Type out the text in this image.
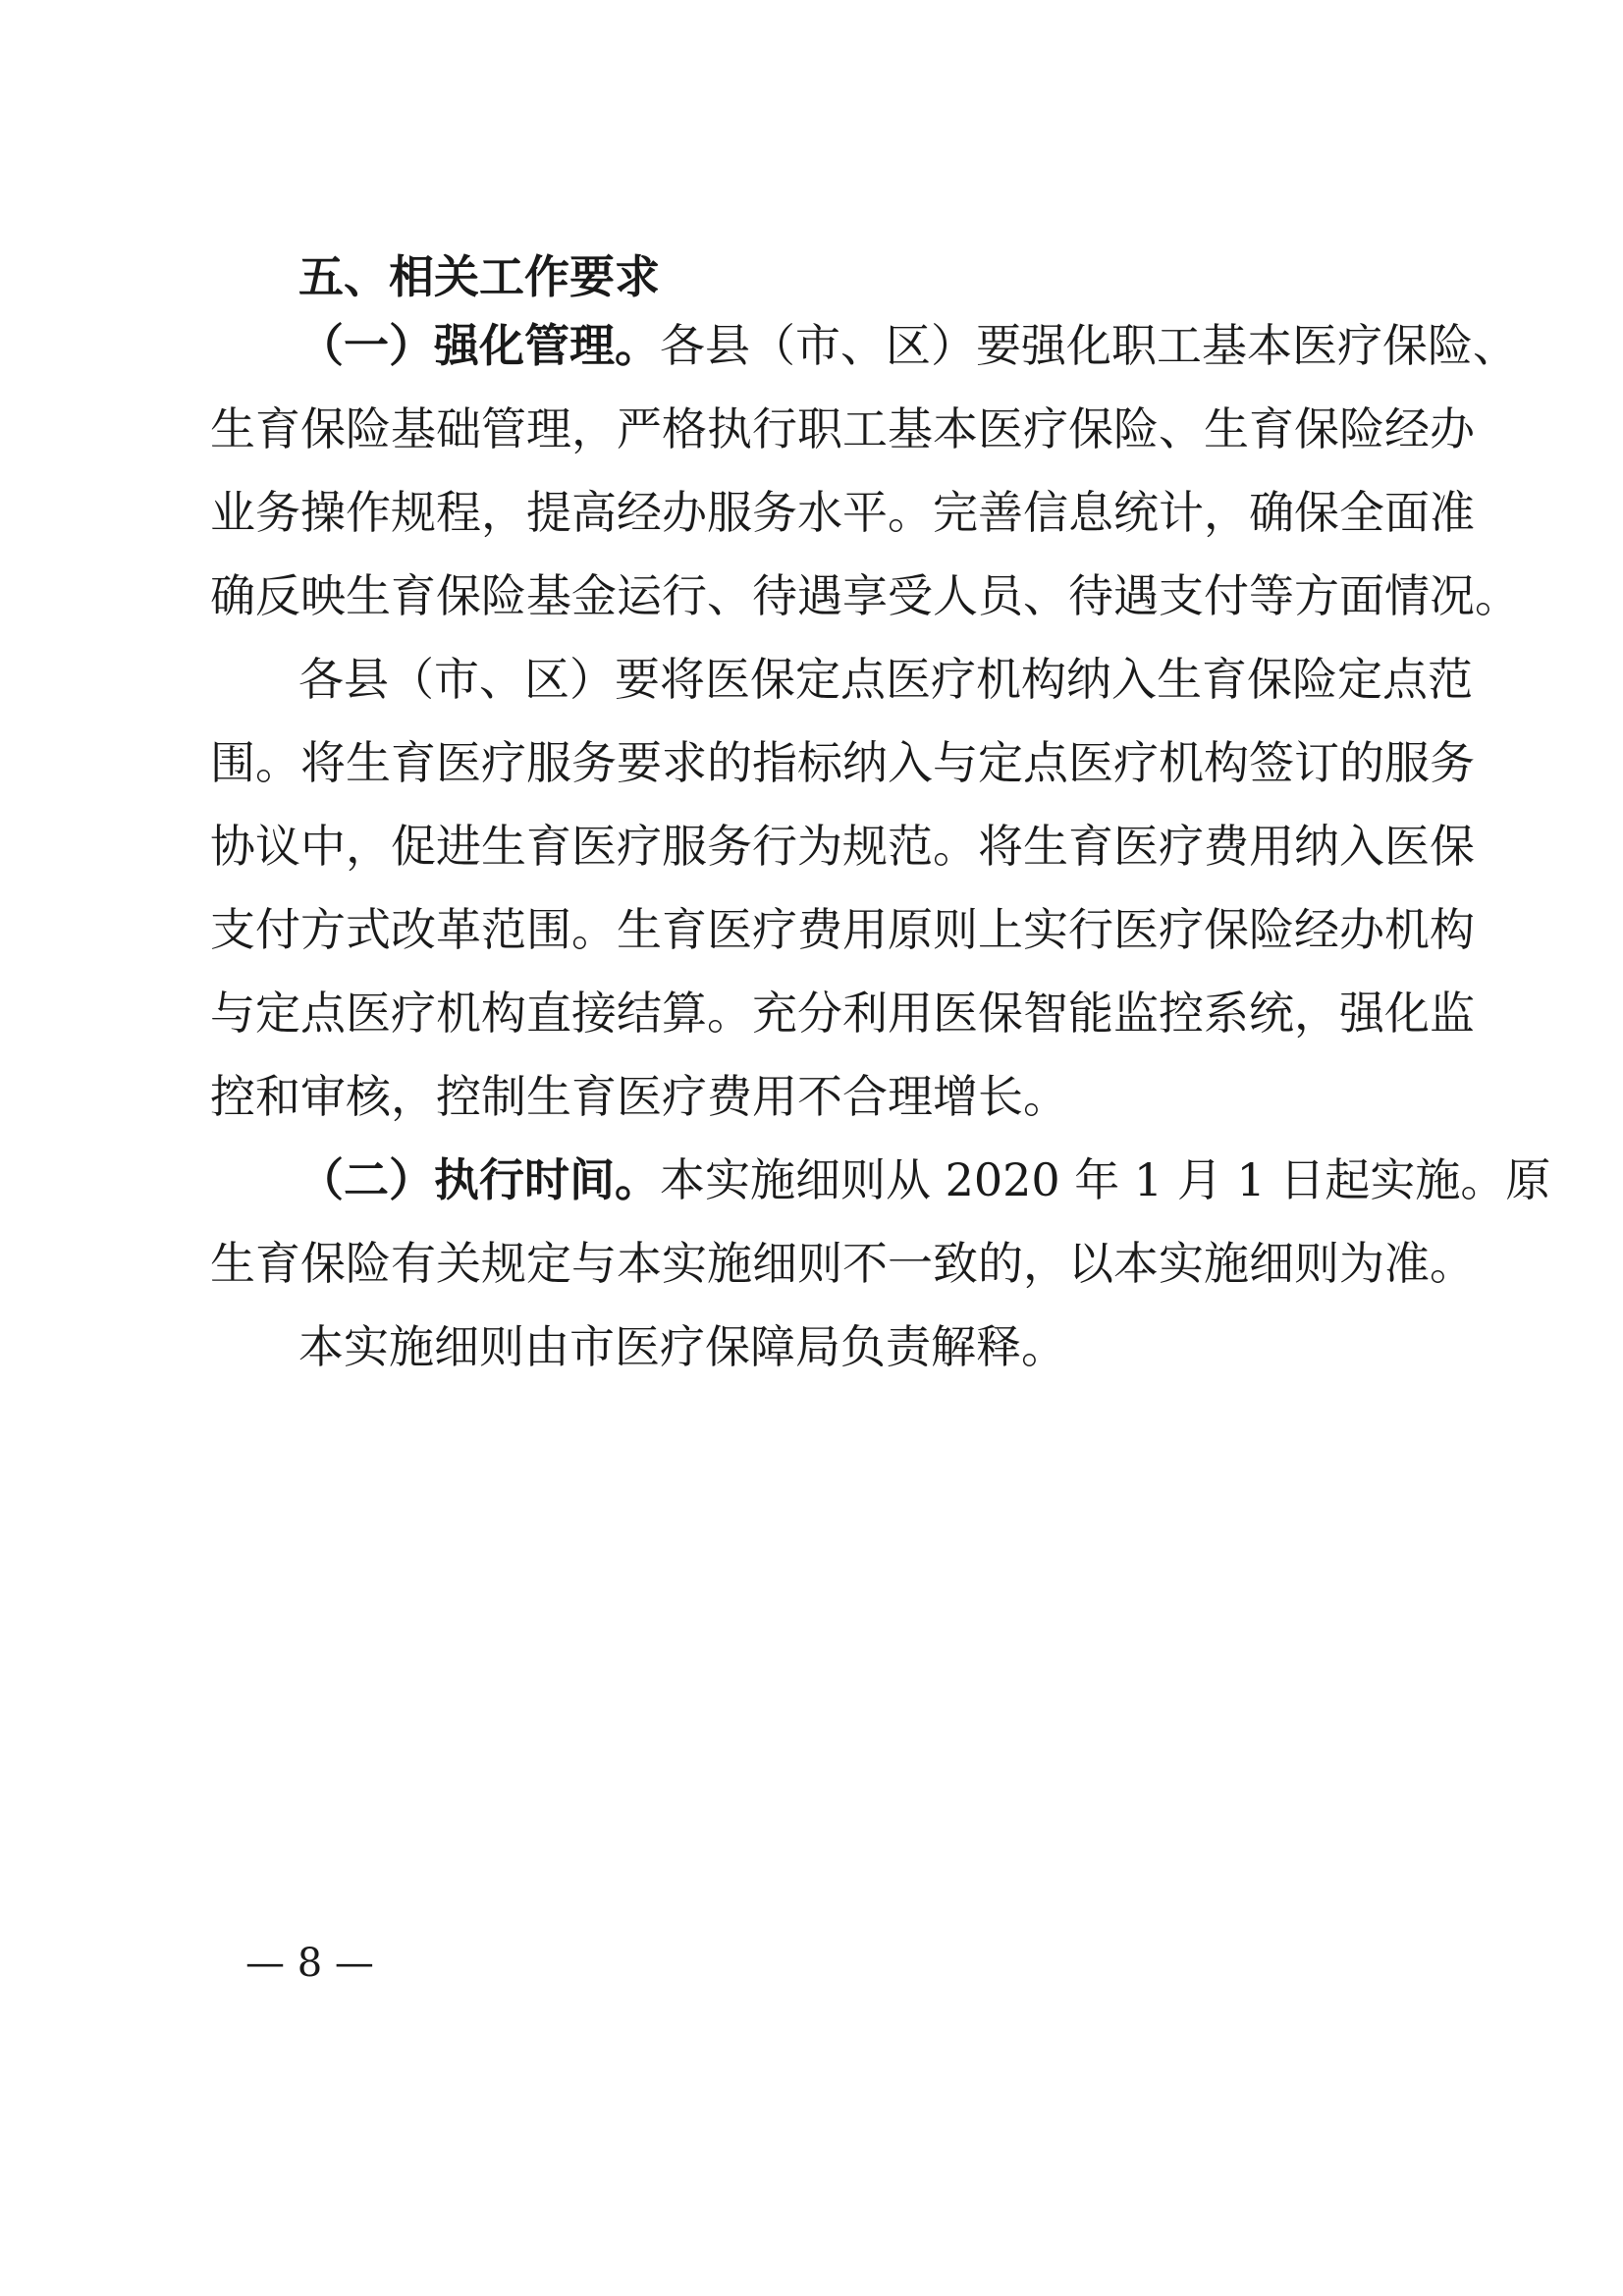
五、相关工作要求
（一）强化管理。各县（市、区）要强化职工基本医疗保险、
生育保险基础管理，严格执行职工基本医疗保险、生育保险经办
业务操作规程，提高经办服务水平。完善信息统计，确保全面准
确反映生育保险基金运行、待遇享受人员、待遇支付等方面情况。
各县（市、区）要将医保定点医疗机构纳入生育保险定点范
围。将生育医疗服务要求的指标纳入与定点医疗机构签订的服务
协议中，促进生育医疗服务行为规范。将生育医疗费用纳入医保
支付方式改革范围。生育医疗费用原则上实行医疗保险经办机构
与定点医疗机构直接结算。充分利用医保智能监控系统，强化监
控和审核，控制生育医疗费用不合理增长。
（二）执行时间。本实施细则从 2020 年 1 月 1 日起实施。原
生育保险有关规定与本实施细则不一致的，以本实施细则为准。
本实施细则由市医疗保障局负责解释。
— 8 —
